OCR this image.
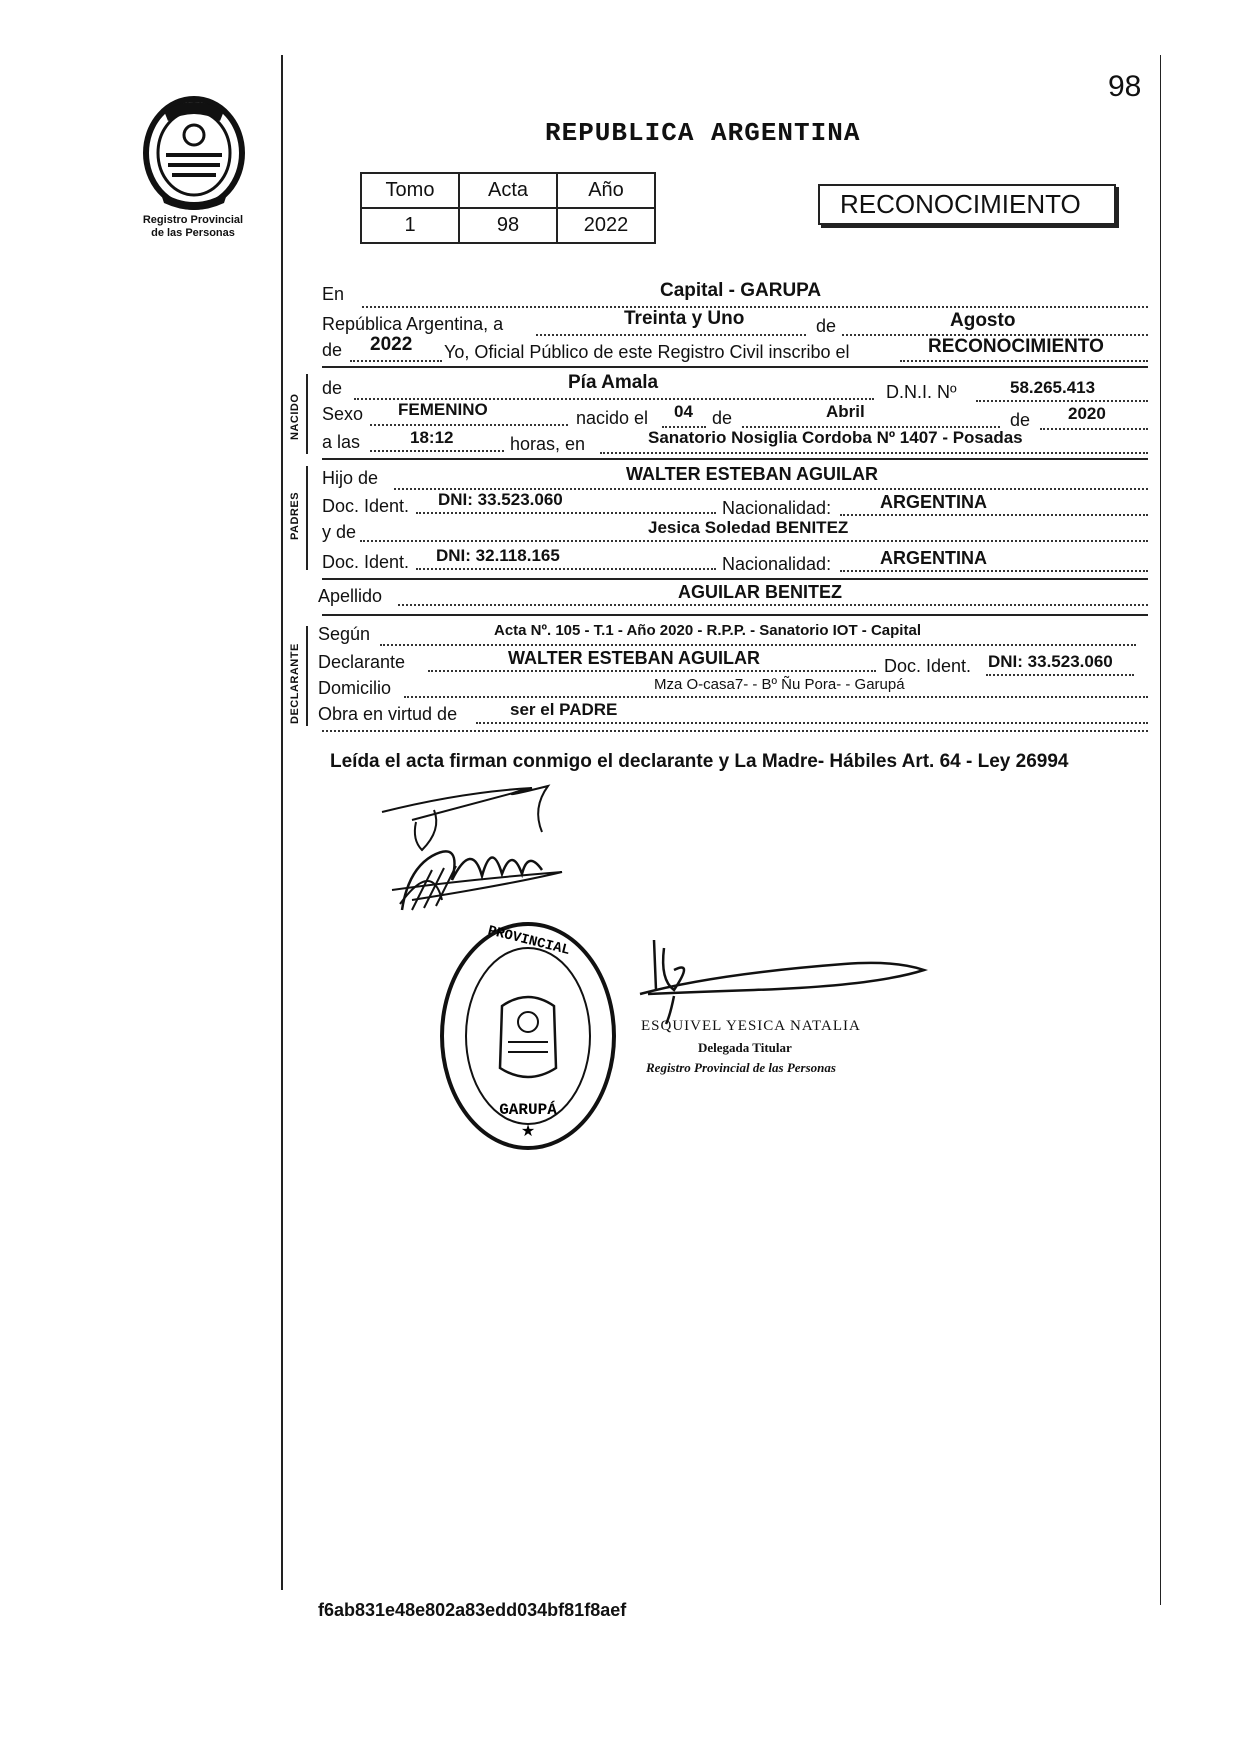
Registro Provincial
de las Personas
98
REPUBLICA ARGENTINA
Tomo	Acta	Año
1	98	2022
RECONOCIMIENTO
En	Capital - GARUPA
República Argentina, a	Treinta y Uno	de	Agosto
de 2022 Yo, Oficial Público de este Registro Civil inscribo el	RECONOCIMIENTO
NACIDO
de	Pía Amala	D.N.I. Nº	58.265.413
Sexo FEMENINO	nacido el 04 de	Abril	de 2020
a las	18:12	horas, en	Sanatorio Nosiglia Cordoba Nº 1407 - Posadas
PADRES
Hijo de	WALTER ESTEBAN AGUILAR
Doc. Ident. DNI: 33.523.060	Nacionalidad:	ARGENTINA
y de	Jesica Soledad BENITEZ
Doc. Ident. DNI: 32.118.165	Nacionalidad:	ARGENTINA
Apellido	AGUILAR BENITEZ
DECLARANTE
Según	Acta Nº. 105 - T.1 - Año 2020 - R.P.P. - Sanatorio IOT - Capital
Declarante	WALTER ESTEBAN AGUILAR	Doc. Ident. DNI: 33.523.060
Domicilio	Mza O-casa7- - Bº Ñu Pora- - Garupá
Obra en virtud de	ser el PADRE
Leída el acta firman conmigo el declarante y La Madre- Hábiles Art. 64 - Ley 26994
PROVINCIAL
GARUPÁ
★
ESQUIVEL YESICA NATALIA
Delegada Titular
Registro Provincial de las Personas
f6ab831e48e802a83edd034bf81f8aef
